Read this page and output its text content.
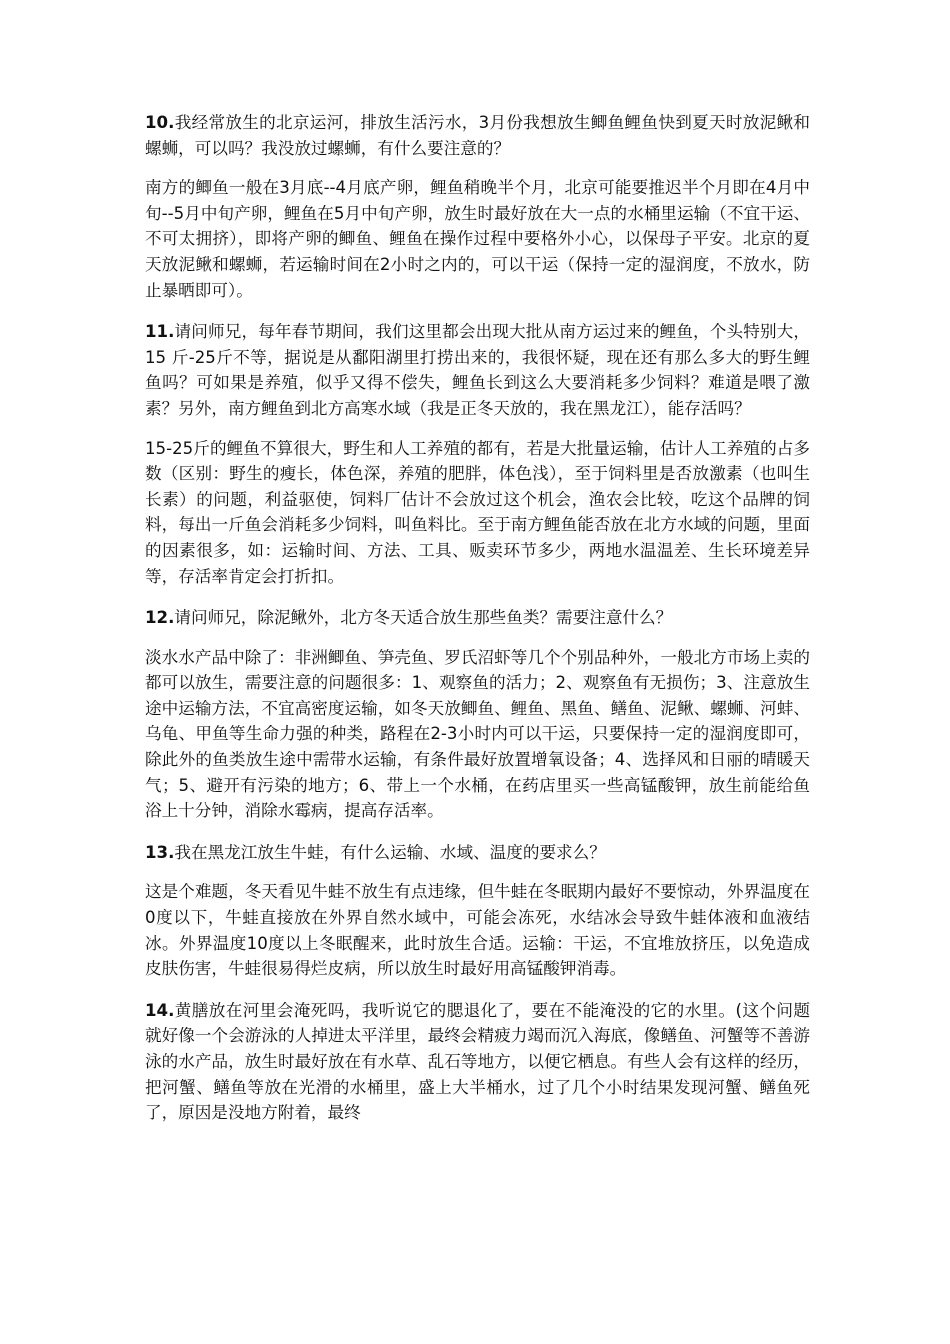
10.我经常放生的北京运河，排放生活污水，3月份我想放生鲫鱼鲤鱼快到夏天时放泥鳅和螺蛳，可以吗？我没放过螺蛳，有什么要注意的？

南方的鲫鱼一般在3月底--4月底产卵，鲤鱼稍晚半个月，北京可能要推迟半个月即在4月中旬--5月中旬产卵，鲤鱼在5月中旬产卵，放生时最好放在大一点的水桶里运输（不宜干运、不可太拥挤），即将产卵的鲫鱼、鲤鱼在操作过程中要格外小心，以保母子平安。北京的夏天放泥鳅和螺蛳，若运输时间在2小时之内的，可以干运（保持一定的湿润度，不放水，防止暴晒即可）。

11.请问师兄，每年春节期间，我们这里都会出现大批从南方运过来的鲤鱼，个头特别大，15 斤-25斤不等，据说是从鄱阳湖里打捞出来的，我很怀疑，现在还有那么多大的野生鲤鱼吗？可如果是养殖，似乎又得不偿失，鲤鱼长到这么大要消耗多少饲料？难道是喂了激素？另外，南方鲤鱼到北方高寒水域（我是正冬天放的，我在黑龙江），能存活吗？

15-25斤的鲤鱼不算很大，野生和人工养殖的都有，若是大批量运输，估计人工养殖的占多数（区别：野生的瘦长，体色深，养殖的肥胖，体色浅），至于饲料里是否放激素（也叫生长素）的问题，利益驱使，饲料厂估计不会放过这个机会，渔农会比较，吃这个品牌的饲料，每出一斤鱼会消耗多少饲料，叫鱼料比。至于南方鲤鱼能否放在北方水域的问题，里面的因素很多，如：运输时间、方法、工具、贩卖环节多少，两地水温温差、生长环境差异等，存活率肯定会打折扣。

12.请问师兄，除泥鳅外，北方冬天适合放生那些鱼类？需要注意什么？

淡水水产品中除了：非洲鲫鱼、笋壳鱼、罗氏沼虾等几个个别品种外，一般北方市场上卖的都可以放生，需要注意的问题很多：1、观察鱼的活力；2、观察鱼有无损伤；3、注意放生途中运输方法，不宜高密度运输，如冬天放鲫鱼、鲤鱼、黑鱼、鳝鱼、泥鳅、螺蛳、河蚌、乌龟、甲鱼等生命力强的种类，路程在2-3小时内可以干运，只要保持一定的湿润度即可，除此外的鱼类放生途中需带水运输，有条件最好放置增氧设备；4、选择风和日丽的晴暖天气；5、避开有污染的地方；6、带上一个水桶，在药店里买一些高锰酸钾，放生前能给鱼浴上十分钟，消除水霉病，提高存活率。

13.我在黑龙江放生牛蛙，有什么运输、水域、温度的要求么？

这是个难题，冬天看见牛蛙不放生有点违缘，但牛蛙在冬眠期内最好不要惊动，外界温度在0度以下，牛蛙直接放在外界自然水域中，可能会冻死，水结冰会导致牛蛙体液和血液结冰。外界温度10度以上冬眠醒来，此时放生合适。运输：干运，不宜堆放挤压，以免造成皮肤伤害，牛蛙很易得烂皮病，所以放生时最好用高锰酸钾消毒。

14.黄膳放在河里会淹死吗，我听说它的腮退化了，要在不能淹没的它的水里。(这个问题就好像一个会游泳的人掉进太平洋里，最终会精疲力竭而沉入海底，像鳝鱼、河蟹等不善游泳的水产品，放生时最好放在有水草、乱石等地方，以便它栖息。有些人会有这样的经历，把河蟹、鳝鱼等放在光滑的水桶里，盛上大半桶水，过了几个小时结果发现河蟹、鳝鱼死了，原因是没地方附着，最终
